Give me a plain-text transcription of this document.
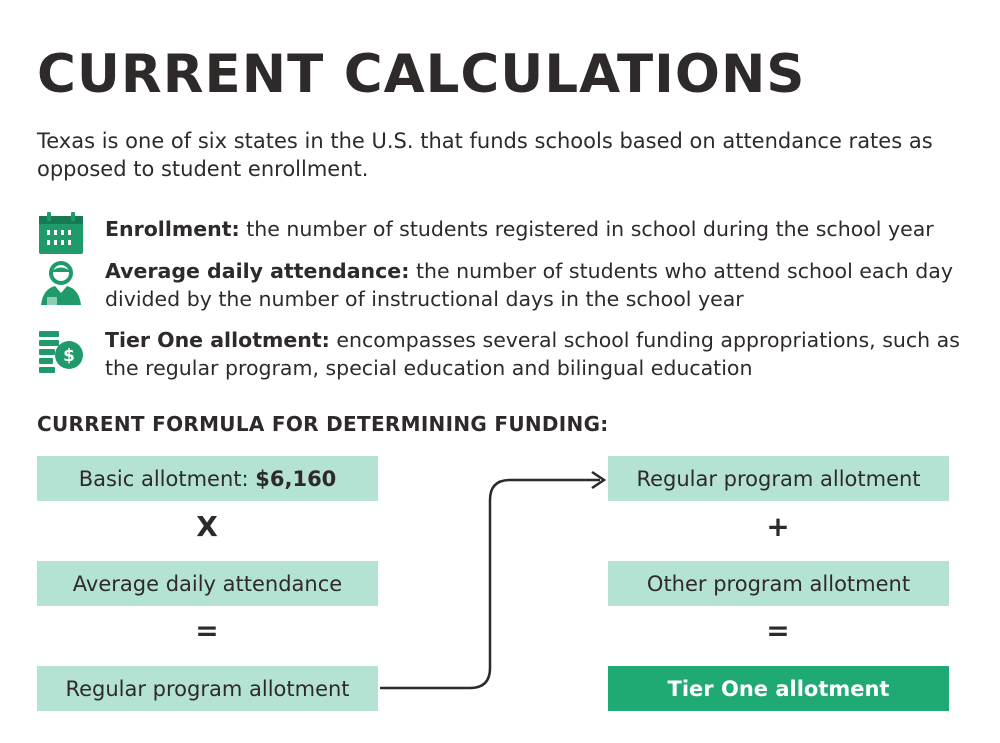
CURRENT CALCULATIONS
Texas is one of six states in the U.S. that funds schools based on attendance rates as opposed to student enrollment.
Enrollment: the number of students registered in school during the school year
Average daily attendance: the number of students who attend school each day divided by the number of instructional days in the school year
$
Tier One allotment: encompasses several school funding appropriations, such as the regular program, special education and bilingual education
CURRENT FORMULA FOR DETERMINING FUNDING:
Basic allotment: $6,160
X
Average daily attendance
=
Regular program allotment
Regular program allotment
+
Other program allotment
=
Tier One allotment
